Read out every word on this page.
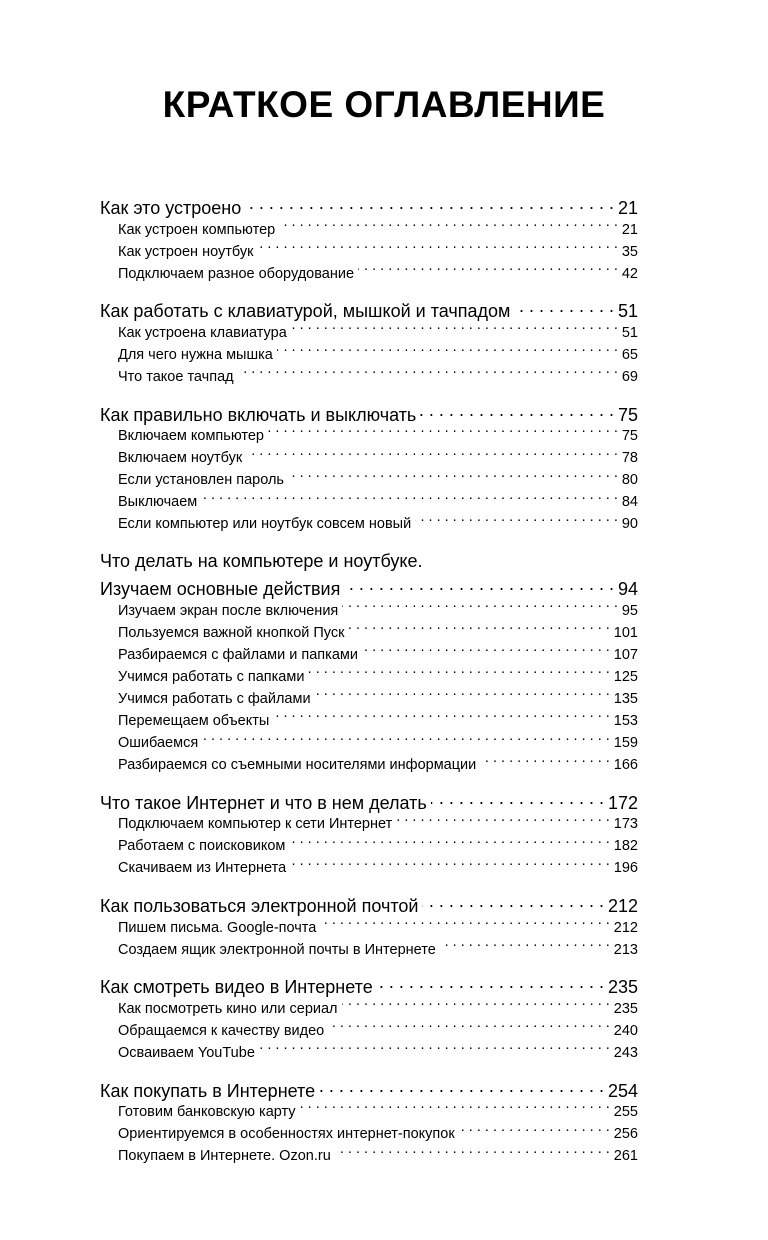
КРАТКОЕ ОГЛАВЛЕНИЕ
Как это устроено . . .	21
Как устроен компьютер . . .	21
Как устроен ноутбук . . .	35
Подключаем разное оборудование . . .	42
Как работать с клавиатурой, мышкой и тачпадом . . .	51
Как устроена клавиатура . . .	51
Для чего нужна мышка . . .	65
Что такое тачпад . . .	69
Как правильно включать и выключать . . .	75
Включаем компьютер . . .	75
Включаем ноутбук . . .	78
Если установлен пароль . . .	80
Выключаем . . .	84
Если компьютер или ноутбук совсем новый . . .	90
Что делать на компьютере и ноутбуке.
Изучаем основные действия . . .	94
Изучаем экран после включения . . .	95
Пользуемся важной кнопкой Пуск . . .	101
Разбираемся с файлами и папками . . .	107
Учимся работать с папками . . .	125
Учимся работать с файлами . . .	135
Перемещаем объекты . . .	153
Ошибаемся . . .	159
Разбираемся со съемными носителями информации . . .	166
Что такое Интернет и что в нем делать . . .	172
Подключаем компьютер к сети Интернет . . .	173
Работаем с поисковиком . . .	182
Скачиваем из Интернета . . .	196
Как пользоваться электронной почтой . . .	212
Пишем письма. Google-почта . . .	212
Создаем ящик электронной почты в Интернете . . .	213
Как смотреть видео в Интернете . . .	235
Как посмотреть кино или сериал . . .	235
Обращаемся к качеству видео . . .	240
Осваиваем YouTube . . .	243
Как покупать в Интернете . . .	254
Готовим банковскую карту . . .	255
Ориентируемся в особенностях интернет-покупок . . .	256
Покупаем в Интернете. Ozon.ru . . .	261
